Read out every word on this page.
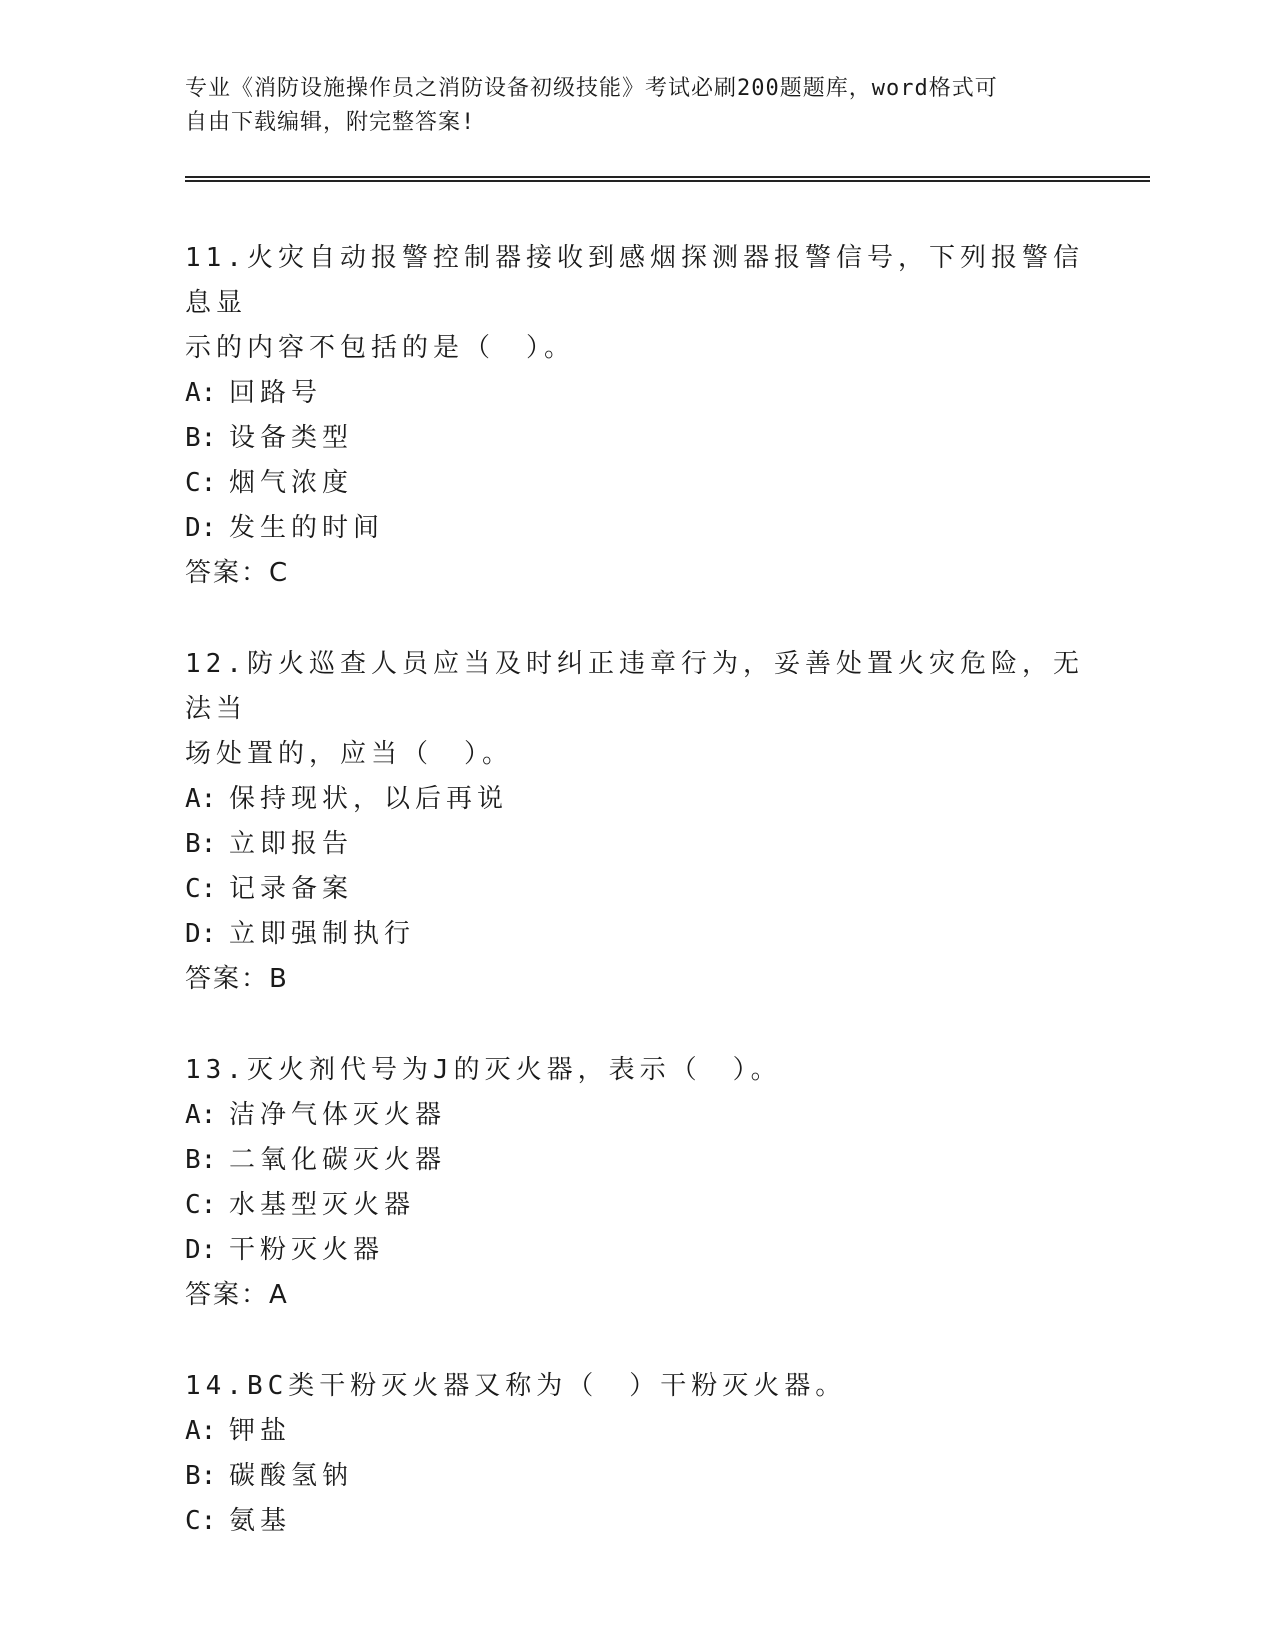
专业《消防设施操作员之消防设备初级技能》考试必刷200题题库，word格式可
自由下载编辑，附完整答案!
11.火灾自动报警控制器接收到感烟探测器报警信号，下列报警信息显
示的内容不包括的是（　）。
A: 回路号
B: 设备类型
C: 烟气浓度
D: 发生的时间
答案：C
12.防火巡查人员应当及时纠正违章行为，妥善处置火灾危险，无法当
场处置的，应当（　）。
A: 保持现状，以后再说
B: 立即报告
C: 记录备案
D: 立即强制执行
答案：B
13.灭火剂代号为J的灭火器，表示（　）。
A: 洁净气体灭火器
B: 二氧化碳灭火器
C: 水基型灭火器
D: 干粉灭火器
答案：A
14.BC类干粉灭火器又称为（　）干粉灭火器。
A: 钾盐
B: 碳酸氢钠
C: 氨基
